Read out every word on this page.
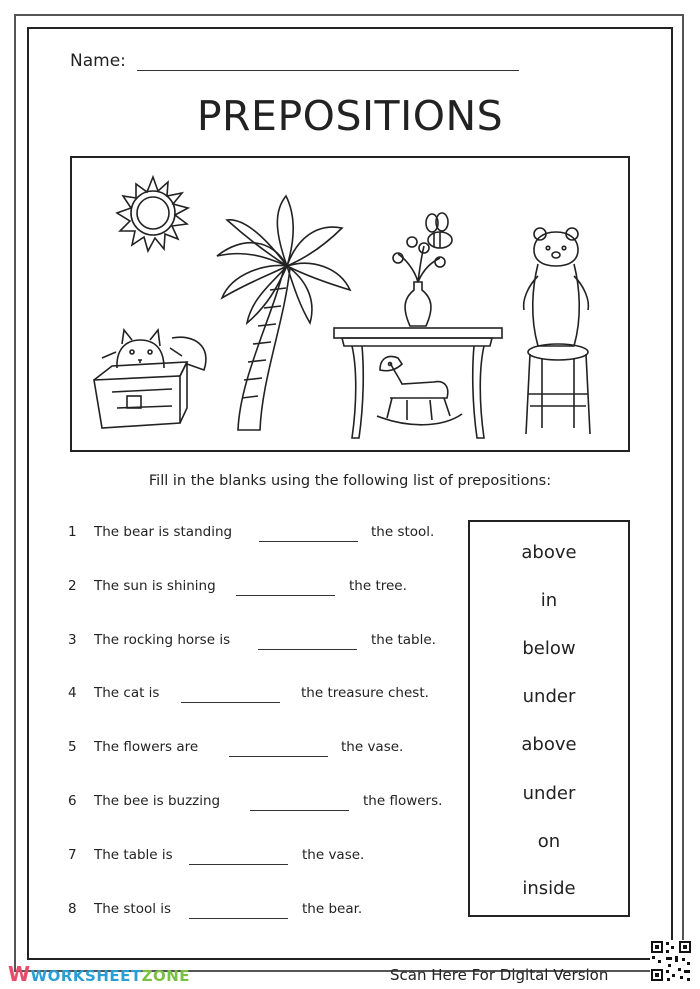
Name:
PREPOSITIONS
Fill in the blanks using the following list of prepositions:
1 The bear is standing	the stool.
2 The sun is shining	the tree.
3 The rocking horse is	the table.
4 The cat is	the treasure chest.
5 The flowers are	the vase.
6 The bee is buzzing	the flowers.
7 The table is	the vase.
8 The stool is	the bear.
above
in
below
under
above
under
on
inside
WWORKSHEETZONE	Scan Here For Digital Version
